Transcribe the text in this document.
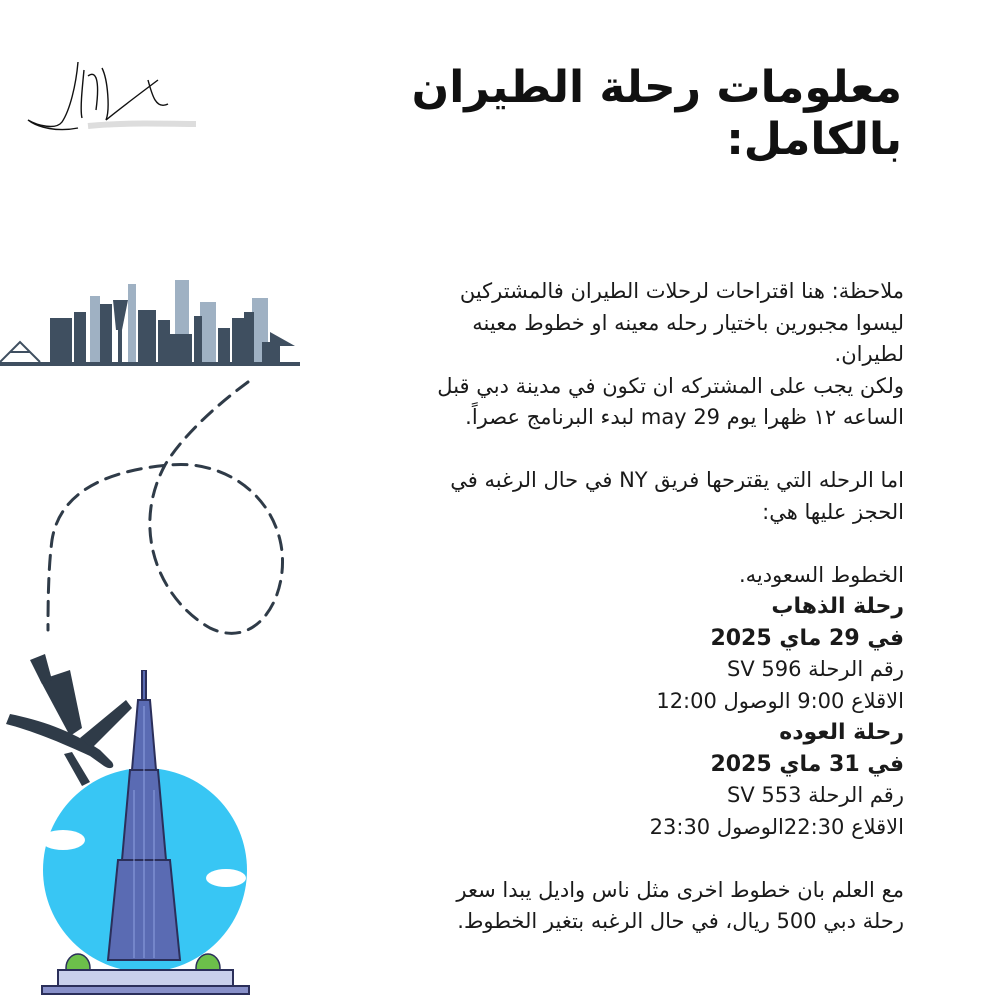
معلومات رحلة الطيران
بالكامل:

ملاحظة: هنا اقتراحات لرحلات الطيران فالمشتركين

ليسوا مجبورين باختيار رحله معينه او خطوط معينه

لطيران.

ولكن يجب على المشتركه ان تكون في مدينة دبي قبل

الساعه ١٢ ظهرا يوم 29 may لبدء البرنامج عصراً.

اما الرحله التي يقترحها فريق NY في حال الرغبه في

الحجز عليها هي:

الخطوط السعوديه.

رحلة الذهاب

في 29 ماي 2025

رقم الرحلة 596 SV

الاقلاع 9:00 الوصول 12:00

رحلة العوده

في 31 ماي 2025

رقم الرحلة 553 SV

الاقلاع 22:30الوصول 23:30

مع العلم بان خطوط اخرى مثل ناس واديل يبدا سعر

رحلة دبي 500 ريال، في حال الرغبه بتغير الخطوط.
